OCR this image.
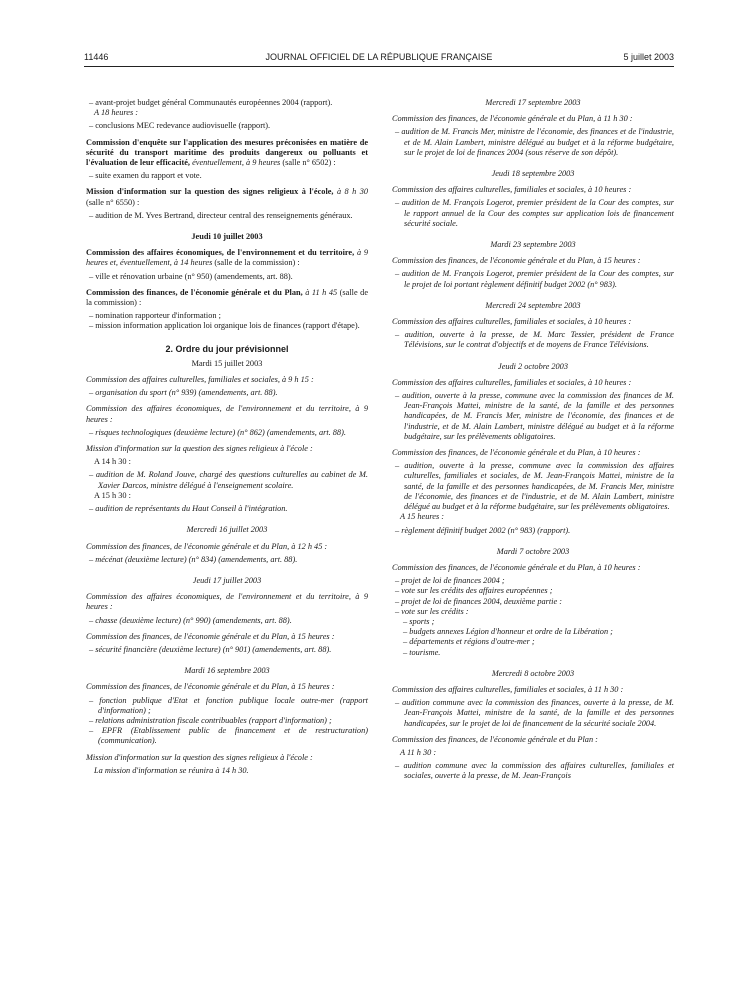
11446	JOURNAL OFFICIEL DE LA RÉPUBLIQUE FRANÇAISE	5 juillet 2003

– avant-projet budget général Communautés européennes 2004 (rapport).

A 18 heures :

– conclusions MEC redevance audiovisuelle (rapport).

Commission d'enquête sur l'application des mesures préconisées en matière de sécurité du transport maritime des produits dangereux ou polluants et l'évaluation de leur efficacité, éventuellement, à 9 heures (salle n° 6502) :

– suite examen du rapport et vote.

Mission d'information sur la question des signes religieux à l'école, à 8 h 30 (salle n° 6550) :

– audition de M. Yves Bertrand, directeur central des renseignements généraux.

Jeudi 10 juillet 2003

Commission des affaires économiques, de l'environnement et du territoire, à 9 heures et, éventuellement, à 14 heures (salle de la commission) :

– ville et rénovation urbaine (n° 950) (amendements, art. 88).

Commission des finances, de l'économie générale et du Plan, à 11 h 45 (salle de la commission) :

– nomination rapporteur d'information ;

– mission information application loi organique lois de finances (rapport d'étape).

2. Ordre du jour prévisionnel

Mardi 15 juillet 2003

Commission des affaires culturelles, familiales et sociales, à 9 h 15 :

– organisation du sport (n° 939) (amendements, art. 88).

Commission des affaires économiques, de l'environnement et du territoire, à 9 heures :

– risques technologiques (deuxième lecture) (n° 862) (amendements, art. 88).

Mission d'information sur la question des signes religieux à l'école :

A 14 h 30 :

– audition de M. Roland Jouve, chargé des questions culturelles au cabinet de M. Xavier Darcos, ministre délégué à l'enseignement scolaire.

A 15 h 30 :

– audition de représentants du Haut Conseil à l'intégration.

Mercredi 16 juillet 2003

Commission des finances, de l'économie générale et du Plan, à 12 h 45 :

– mécénat (deuxième lecture) (n° 834) (amendements, art. 88).

Jeudi 17 juillet 2003

Commission des affaires économiques, de l'environnement et du territoire, à 9 heures :

– chasse (deuxième lecture) (n° 990) (amendements, art. 88).

Commission des finances, de l'économie générale et du Plan, à 15 heures :

– sécurité financière (deuxième lecture) (n° 901) (amendements, art. 88).

Mardi 16 septembre 2003

Commission des finances, de l'économie générale et du Plan, à 15 heures :

– fonction publique d'Etat et fonction publique locale outre-mer (rapport d'information) ;

– relations administration fiscale contribuables (rapport d'information) ;

– EPFR (Etablissement public de financement et de restructuration) (communication).

Mission d'information sur la question des signes religieux à l'école :

La mission d'information se réunira à 14 h 30.

Mercredi 17 septembre 2003

Commission des finances, de l'économie générale et du Plan, à 11 h 30 :

– audition de M. Francis Mer, ministre de l'économie, des finances et de l'industrie, et de M. Alain Lambert, ministre délégué au budget et à la réforme budgétaire, sur le projet de loi de finances 2004 (sous réserve de son dépôt).

Jeudi 18 septembre 2003

Commission des affaires culturelles, familiales et sociales, à 10 heures :

– audition de M. François Logerot, premier président de la Cour des comptes, sur le rapport annuel de la Cour des comptes sur application lois de financement sécurité sociale.

Mardi 23 septembre 2003

Commission des finances, de l'économie générale et du Plan, à 15 heures :

– audition de M. François Logerot, premier président de la Cour des comptes, sur le projet de loi portant règlement définitif budget 2002 (n° 983).

Mercredi 24 septembre 2003

Commission des affaires culturelles, familiales et sociales, à 10 heures :

– audition, ouverte à la presse, de M. Marc Tessier, président de France Télévisions, sur le contrat d'objectifs et de moyens de France Télévisions.

Jeudi 2 octobre 2003

Commission des affaires culturelles, familiales et sociales, à 10 heures :

– audition, ouverte à la presse, commune avec la commission des finances de M. Jean-François Mattei, ministre de la santé, de la famille et des personnes handicapées, de M. Francis Mer, ministre de l'économie, des finances et de l'industrie, et de M. Alain Lambert, ministre délégué au budget et à la réforme budgétaire, sur les prélèvements obligatoires.

Commission des finances, de l'économie générale et du Plan, à 10 heures :

– audition, ouverte à la presse, commune avec la commission des affaires culturelles, familiales et sociales, de M. Jean-François Mattei, ministre de la santé, de la famille et des personnes handicapées, de M. Francis Mer, ministre de l'économie, des finances et de l'industrie, et de M. Alain Lambert, ministre délégué au budget et à la réforme budgétaire, sur les prélèvements obligatoires.

A 15 heures :

– règlement définitif budget 2002 (n° 983) (rapport).

Mardi 7 octobre 2003

Commission des finances, de l'économie générale et du Plan, à 10 heures :

– projet de loi de finances 2004 ;

– vote sur les crédits des affaires européennes ;

– projet de loi de finances 2004, deuxième partie :

– vote sur les crédits :

– sports ;

– budgets annexes Légion d'honneur et ordre de la Libération ;

– départements et régions d'outre-mer ;

– tourisme.

Mercredi 8 octobre 2003

Commission des affaires culturelles, familiales et sociales, à 11 h 30 :

– audition commune avec la commission des finances, ouverte à la presse, de M. Jean-François Mattei, ministre de la santé, de la famille et des personnes handicapées, sur le projet de loi de financement de la sécurité sociale 2004.

Commission des finances, de l'économie générale et du Plan :

A 11 h 30 :

– audition commune avec la commission des affaires culturelles, familiales et sociales, ouverte à la presse, de M. Jean-François
